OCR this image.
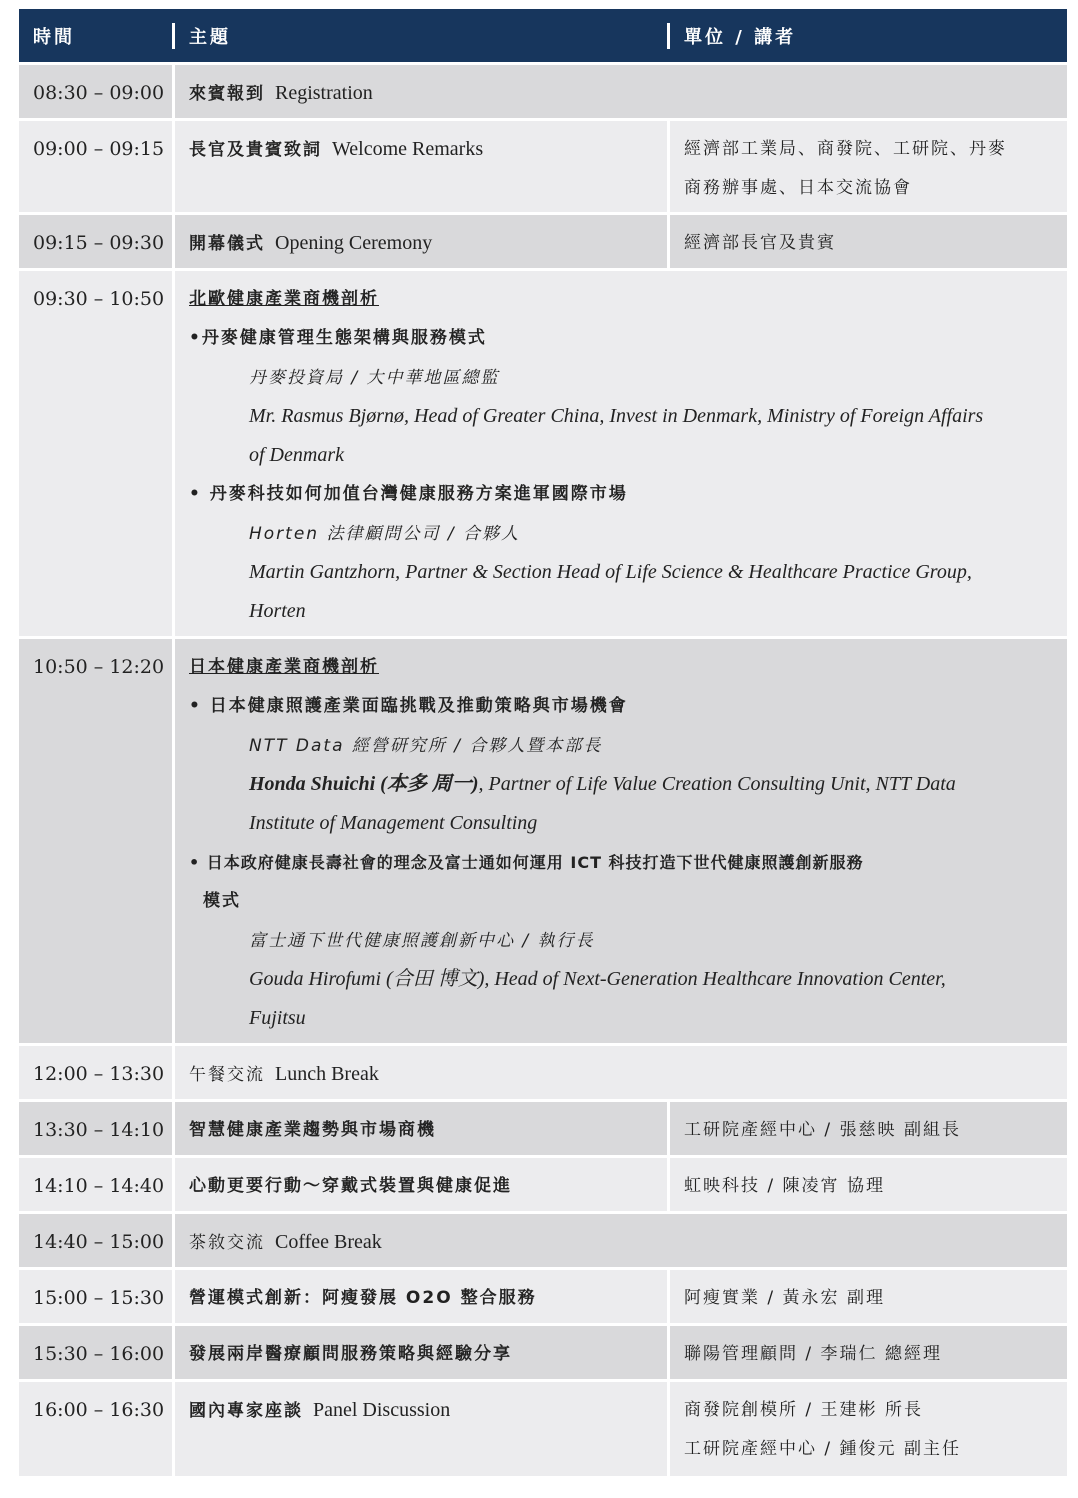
時間	主題	單位 / 講者
08:30 – 09:00 來賓報到 Registration
09:00 – 09:15 長官及貴賓致詞 Welcome Remarks	經濟部工業局、商發院、工研院、丹麥
商務辦事處、日本交流協會
09:15 – 09:30 開幕儀式 Opening Ceremony	經濟部長官及貴賓
09:30 – 10:50 北歐健康產業商機剖析
•丹麥健康管理生態架構與服務模式
丹麥投資局 / 大中華地區總監
Mr. Rasmus Bjørnø, Head of Greater China, Invest in Denmark, Ministry of Foreign Affairs
of Denmark
• 丹麥科技如何加值台灣健康服務方案進軍國際市場
Horten 法律顧問公司 / 合夥人
Martin Gantzhorn, Partner & Section Head of Life Science & Healthcare Practice Group,
Horten
10:50 – 12:20 日本健康產業商機剖析
• 日本健康照護產業面臨挑戰及推動策略與市場機會
NTT Data 經營研究所 / 合夥人暨本部長
Honda Shuichi (本多 周一), Partner of Life Value Creation Consulting Unit, NTT Data
Institute of Management Consulting
• 日本政府健康長壽社會的理念及富士通如何運用 ICT 科技打造下世代健康照護創新服務
模式
富士通下世代健康照護創新中心 / 執行長
Gouda Hirofumi (合田 博文), Head of Next-Generation Healthcare Innovation Center,
Fujitsu
12:00 – 13:30 午餐交流 Lunch Break
13:30 – 14:10 智慧健康產業趨勢與市場商機	工研院產經中心 / 張慈映 副組長
14:10 – 14:40 心動更要行動～穿戴式裝置與健康促進	虹映科技 / 陳凌宵 協理
14:40 – 15:00 茶敘交流 Coffee Break
15:00 – 15:30 營運模式創新：阿瘦發展 O2O 整合服務	阿瘦實業 / 黃永宏 副理
15:30 – 16:00 發展兩岸醫療顧問服務策略與經驗分享	聯陽管理顧問 / 李瑞仁 總經理
16:00 – 16:30 國內專家座談 Panel Discussion	商發院創模所 / 王建彬 所長
工研院產經中心 / 鍾俊元 副主任
